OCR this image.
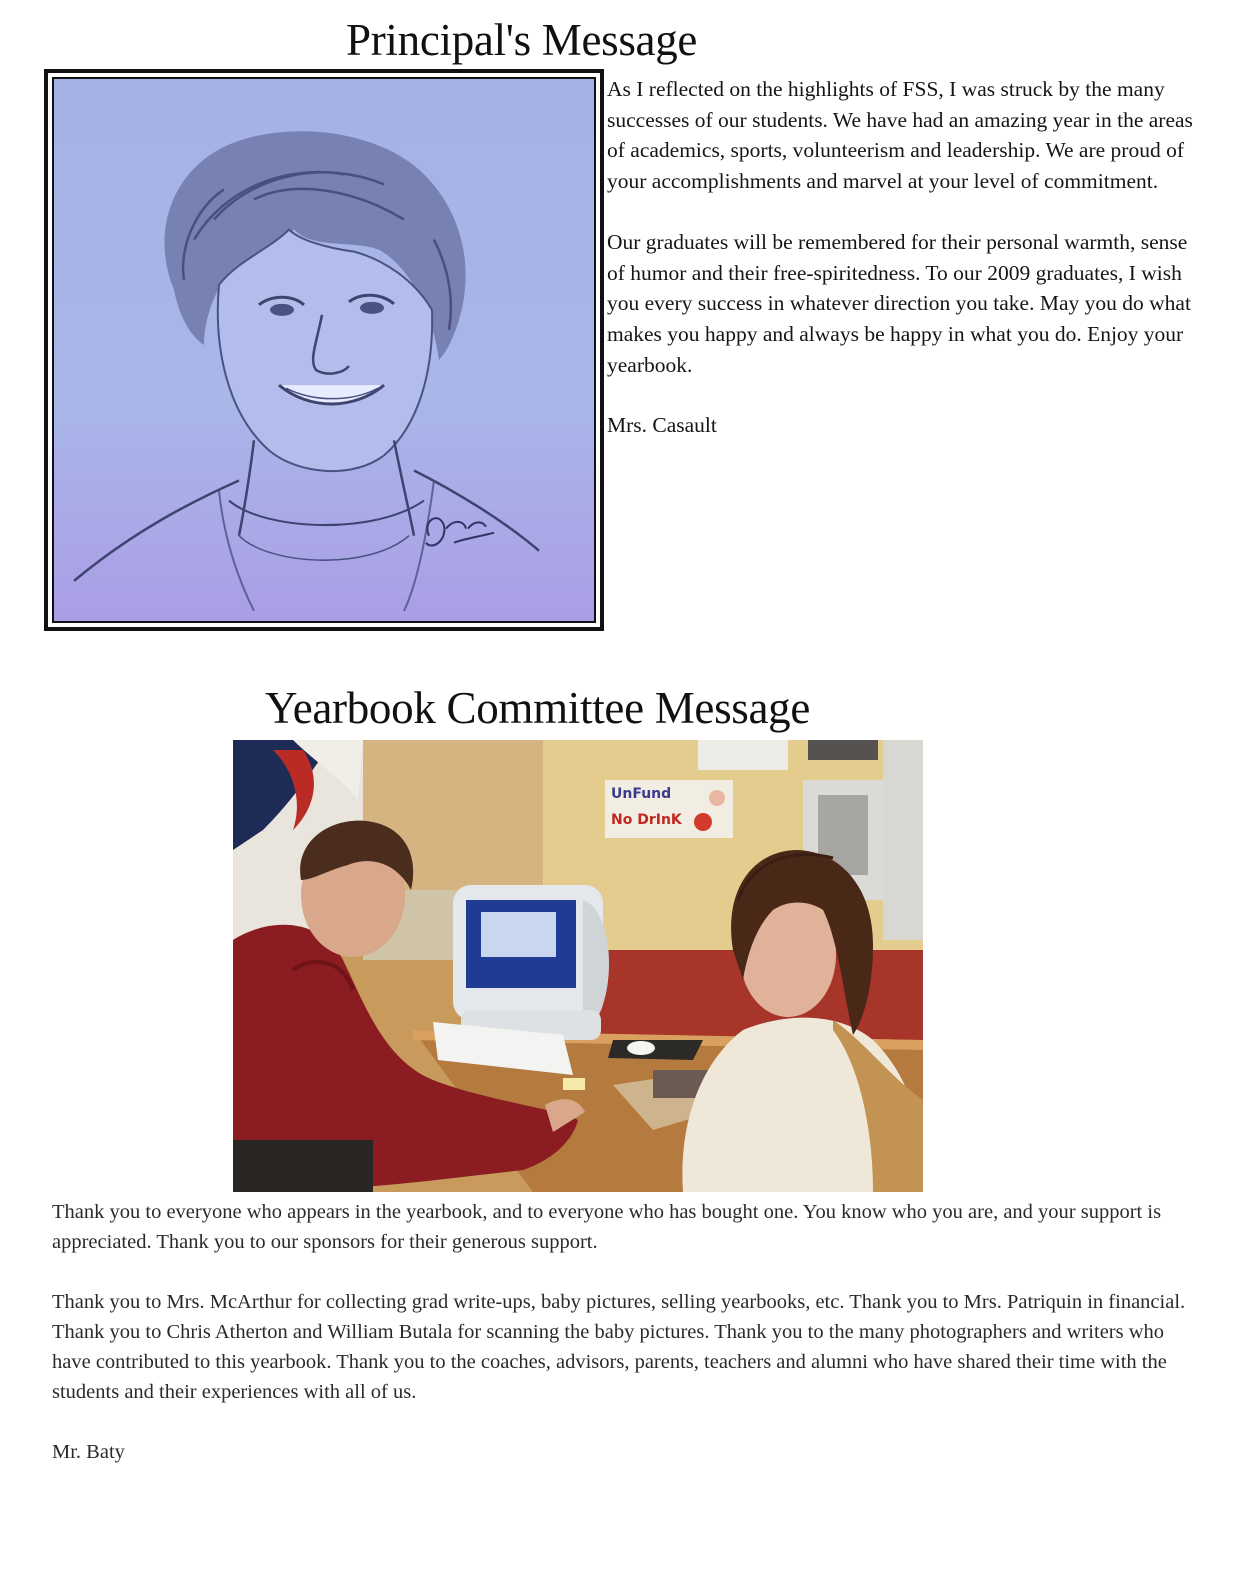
Principal's Message

As I reflected on the highlights of FSS, I was struck by the many successes of our students. We have had an amazing year in the areas of academics, sports, volunteerism and leadership. We are proud of your accomplishments and marvel at your level of commitment.

Our graduates will be remembered for their personal warmth, sense of humor and their free-spiritedness. To our 2009 graduates, I wish you every success in whatever direction you take. May you do what makes you happy and always be happy in what you do. Enjoy your yearbook.

Mrs. Casault

Yearbook Committee Message
UnFund
No DrInK

Thank you to everyone who appears in the yearbook, and to everyone who has bought one. You know who you are, and your support is appreciated. Thank you to our sponsors for their generous support.

Thank you to Mrs. McArthur for collecting grad write-ups, baby pictures, selling yearbooks, etc. Thank you to Mrs. Patriquin in financial. Thank you to Chris Atherton and William Butala for scanning the baby pictures. Thank you to the many photographers and writers who have contributed to this yearbook. Thank you to the coaches, advisors, parents, teachers and alumni who have shared their time with the students and their experiences with all of us.

Mr. Baty
